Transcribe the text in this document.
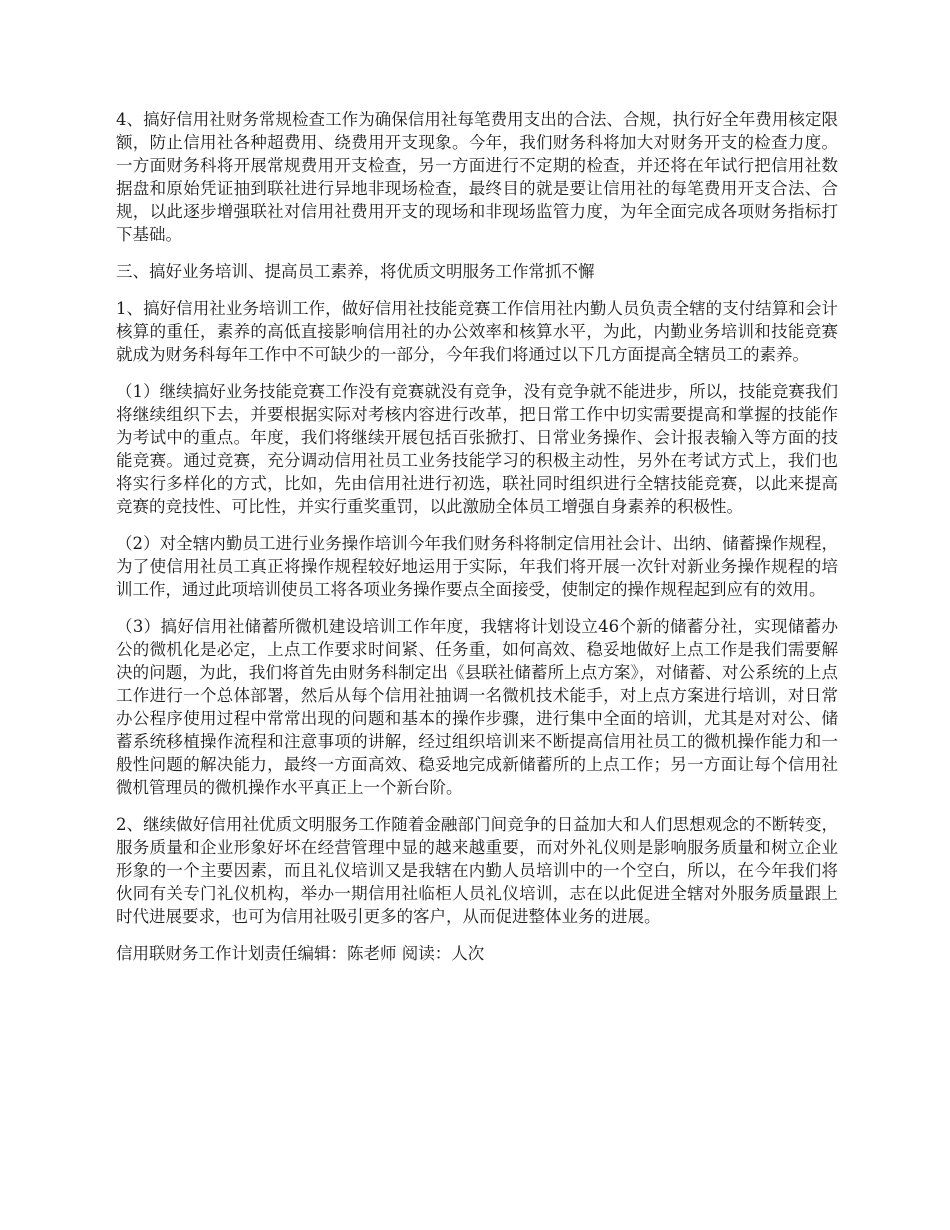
4、搞好信用社财务常规检查工作为确保信用社每笔费用支出的合法、合规，执行好全年费用核定限额，防止信用社各种超费用、绕费用开支现象。今年，我们财务科将加大对财务开支的检查力度。一方面财务科将开展常规费用开支检查，另一方面进行不定期的检查，并还将在年试行把信用社数据盘和原始凭证抽到联社进行异地非现场检查，最终目的就是要让信用社的每笔费用开支合法、合规，以此逐步增强联社对信用社费用开支的现场和非现场监管力度，为年全面完成各项财务指标打下基础。

三、搞好业务培训、提高员工素养，将优质文明服务工作常抓不懈

1、搞好信用社业务培训工作，做好信用社技能竞赛工作信用社内勤人员负责全辖的支付结算和会计核算的重任，素养的高低直接影响信用社的办公效率和核算水平，为此，内勤业务培训和技能竞赛就成为财务科每年工作中不可缺少的一部分，今年我们将通过以下几方面提高全辖员工的素养。

（1）继续搞好业务技能竞赛工作没有竞赛就没有竞争，没有竞争就不能进步，所以，技能竞赛我们将继续组织下去，并要根据实际对考核内容进行改革，把日常工作中切实需要提高和掌握的技能作为考试中的重点。年度，我们将继续开展包括百张掀打、日常业务操作、会计报表输入等方面的技能竞赛。通过竞赛，充分调动信用社员工业务技能学习的积极主动性，另外在考试方式上，我们也将实行多样化的方式，比如，先由信用社进行初选，联社同时组织进行全辖技能竞赛，以此来提高竞赛的竞技性、可比性，并实行重奖重罚，以此激励全体员工增强自身素养的积极性。

（2）对全辖内勤员工进行业务操作培训今年我们财务科将制定信用社会计、出纳、储蓄操作规程，为了使信用社员工真正将操作规程较好地运用于实际，年我们将开展一次针对新业务操作规程的培训工作，通过此项培训使员工将各项业务操作要点全面接受，使制定的操作规程起到应有的效用。

（3）搞好信用社储蓄所微机建设培训工作年度，我辖将计划设立46个新的储蓄分社，实现储蓄办公的微机化是必定，上点工作要求时间紧、任务重，如何高效、稳妥地做好上点工作是我们需要解决的问题，为此，我们将首先由财务科制定出《县联社储蓄所上点方案》，对储蓄、对公系统的上点工作进行一个总体部署，然后从每个信用社抽调一名微机技术能手，对上点方案进行培训，对日常办公程序使用过程中常常出现的问题和基本的操作步骤，进行集中全面的培训，尤其是对对公、储蓄系统移植操作流程和注意事项的讲解，经过组织培训来不断提高信用社员工的微机操作能力和一般性问题的解决能力，最终一方面高效、稳妥地完成新储蓄所的上点工作；另一方面让每个信用社微机管理员的微机操作水平真正上一个新台阶。

2、继续做好信用社优质文明服务工作随着金融部门间竞争的日益加大和人们思想观念的不断转变，服务质量和企业形象好坏在经营管理中显的越来越重要，而对外礼仪则是影响服务质量和树立企业形象的一个主要因素，而且礼仪培训又是我辖在内勤人员培训中的一个空白，所以，在今年我们将伙同有关专门礼仪机构，举办一期信用社临柜人员礼仪培训，志在以此促进全辖对外服务质量跟上时代进展要求，也可为信用社吸引更多的客户，从而促进整体业务的进展。

信用联财务工作计划责任编辑：陈老师 阅读：人次
